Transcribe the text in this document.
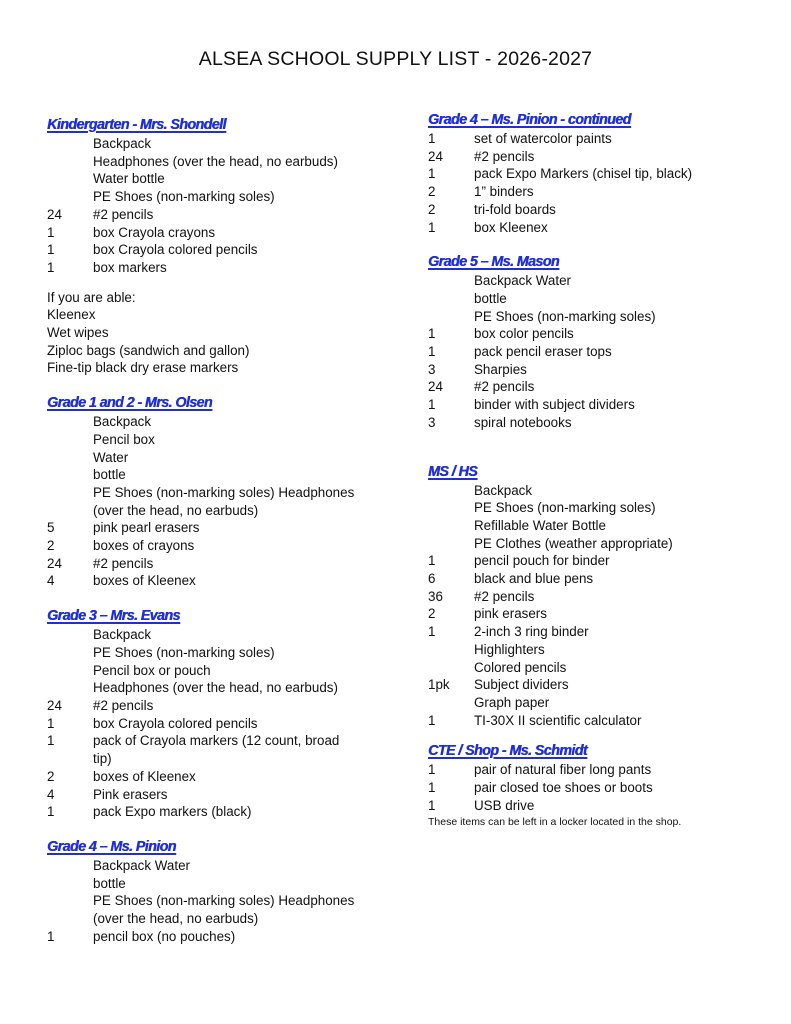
ALSEA SCHOOL SUPPLY LIST - 2026-2027
Kindergarten - Mrs. Shondell
Backpack
Headphones (over the head, no earbuds)
Water bottle
PE Shoes (non-marking soles)
24	#2 pencils
1	box Crayola crayons
1	box Crayola colored pencils
1	box markers
If you are able:
Kleenex
Wet wipes
Ziploc bags (sandwich and gallon)
Fine-tip black dry erase markers
Grade 1 and 2 - Mrs. Olsen
Backpack
Pencil box
Water
bottle
PE Shoes (non-marking soles) Headphones
(over the head, no earbuds)
5	pink pearl erasers
2	boxes of crayons
24	#2 pencils
4	boxes of Kleenex
Grade 3 – Mrs. Evans
Backpack
PE Shoes (non-marking soles)
Pencil box or pouch
Headphones (over the head, no earbuds)
24	#2 pencils
1	box Crayola colored pencils
1	pack of Crayola markers (12 count, broad
tip)
2	boxes of Kleenex
4	Pink erasers
1	pack Expo markers (black)
Grade 4 – Ms. Pinion
Backpack Water
bottle
PE Shoes (non-marking soles) Headphones
(over the head, no earbuds)
1	pencil box (no pouches)
Grade 4 – Ms. Pinion - continued
1	set of watercolor paints
24	#2 pencils
1	pack Expo Markers (chisel tip, black)
2	1” binders
2	tri-fold boards
1	box Kleenex
Grade 5 – Ms. Mason
Backpack Water
bottle
PE Shoes (non-marking soles)
1	box color pencils
1	pack pencil eraser tops
3	Sharpies
24	#2 pencils
1	binder with subject dividers
3	spiral notebooks
MS / HS
Backpack
PE Shoes (non-marking soles)
Refillable Water Bottle
PE Clothes (weather appropriate)
1	pencil pouch for binder
6	black and blue pens
36	#2 pencils
2	pink erasers
1	2-inch 3 ring binder
Highlighters
Colored pencils
1pk	Subject dividers
Graph paper
1	TI-30X II scientific calculator
CTE / Shop - Ms. Schmidt
1	pair of natural fiber long pants
1	pair closed toe shoes or boots
1	USB drive
These items can be left in a locker located in the shop.
